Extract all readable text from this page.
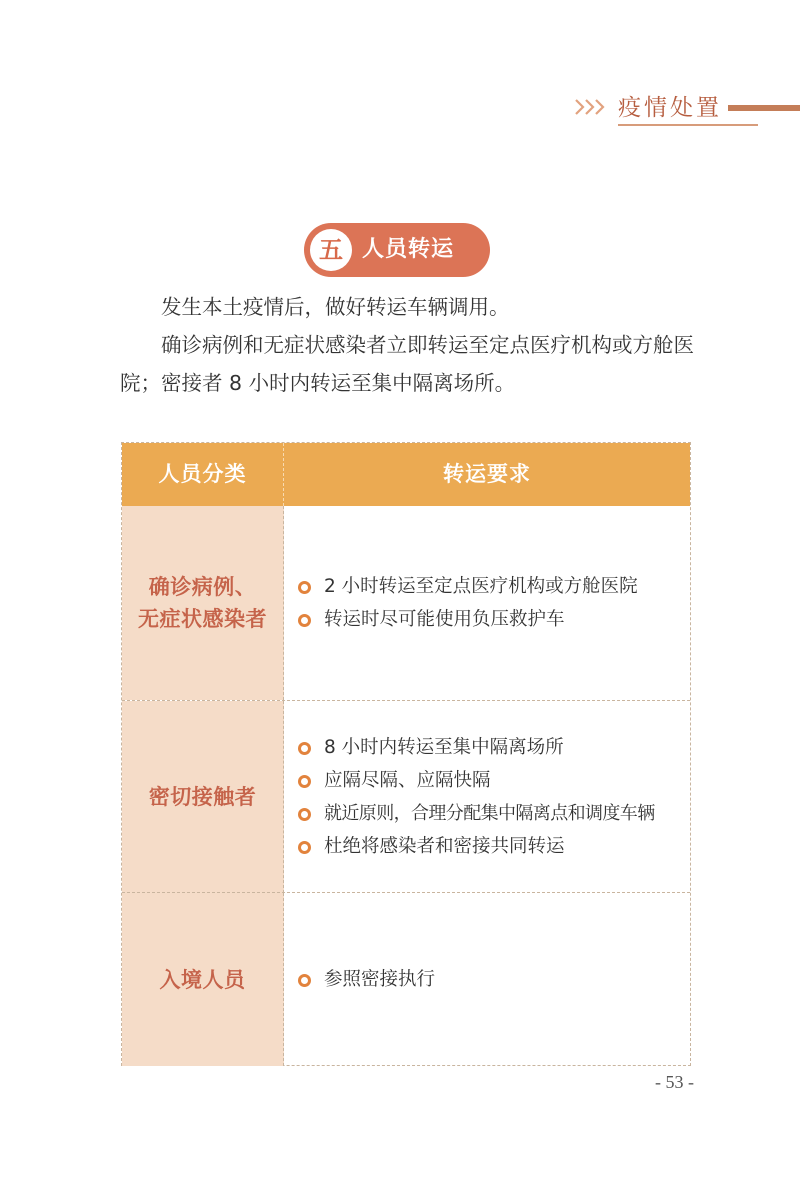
疫情处置
五 人员转运

发生本土疫情后，做好转运车辆调用。

确诊病例和无症状感染者立即转运至定点医疗机构或方舱医院；密接者 8 小时内转运至集中隔离场所。

人员分类	转运要求
确诊病例、
无症状感染者
2 小时转运至定点医疗机构或方舱医院
转运时尽可能使用负压救护车
密切接触者
8 小时内转运至集中隔离场所
应隔尽隔、应隔快隔
就近原则，合理分配集中隔离点和调度车辆
杜绝将感染者和密接共同转运
入境人员	参照密接执行
- 53 -
